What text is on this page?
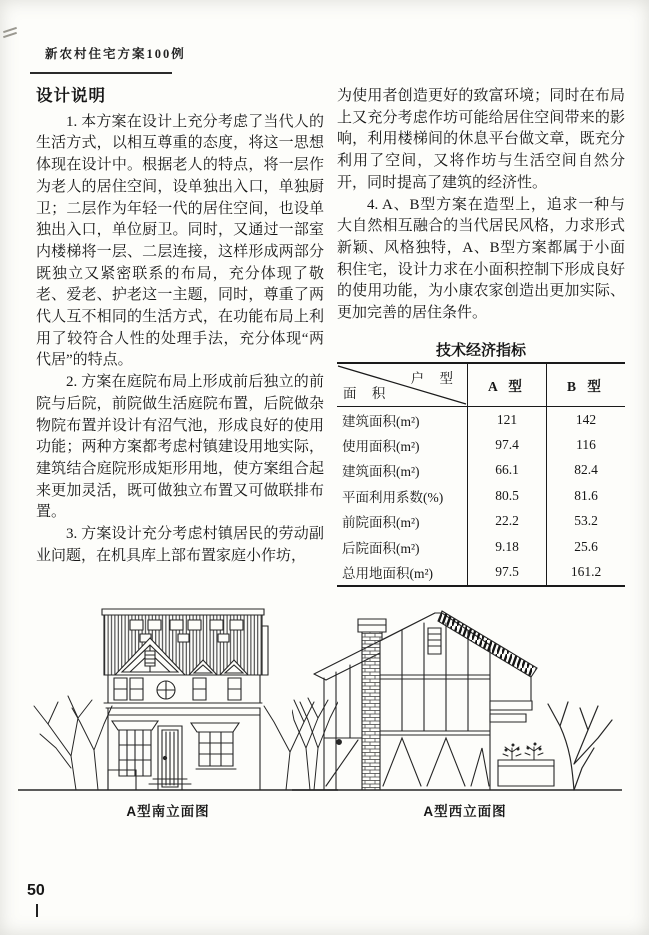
新农村住宅方案100例
设计说明

1. 本方案在设计上充分考虑了当代人的生活方式，以相互尊重的态度，将这一思想体现在设计中。根据老人的特点，将一层作为老人的居住空间，设单独出入口，单独厨卫；二层作为年轻一代的居住空间，也设单独出入口，单位厨卫。同时，又通过一部室内楼梯将一层、二层连接，这样形成两部分既独立又紧密联系的布局，充分体现了敬老、爱老、护老这一主题，同时，尊重了两代人互不相同的生活方式，在功能布局上利用了较符合人性的处理手法，充分体现“两代居”的特点。

2. 方案在庭院布局上形成前后独立的前院与后院，前院做生活庭院布置，后院做杂物院布置并设计有沼气池，形成良好的使用功能；两种方案都考虑村镇建设用地实际，建筑结合庭院形成矩形用地，使方案组合起来更加灵活，既可做独立布置又可做联排布置。

3. 方案设计充分考虑村镇居民的劳动副业问题，在机具库上部布置家庭小作坊，

为使用者创造更好的致富环境；同时在布局上又充分考虑作坊可能给居住空间带来的影响，利用楼梯间的休息平台做文章，既充分利用了空间，又将作坊与生活空间自然分开，同时提高了建筑的经济性。

4. A、B型方案在造型上，追求一种与大自然相互融合的当代居民风格，力求形式新颖、风格独特，A、B型方案都属于小面积住宅，设计力求在小面积控制下形成良好的使用功能，为小康农家创造出更加实际、更加完善的居住条件。

技术经济指标
户 型
面 积	A 型	B 型
建筑面积(m²)	121	142
使用面积(m²)	97.4	116
建筑面积(m²)	66.1	82.4
平面利用系数(%)	80.5	81.6
前院面积(m²)	22.2	53.2
后院面积(m²)	9.18	25.6
总用地面积(m²)	97.5	161.2
A型南立面图	A型西立面图
50
